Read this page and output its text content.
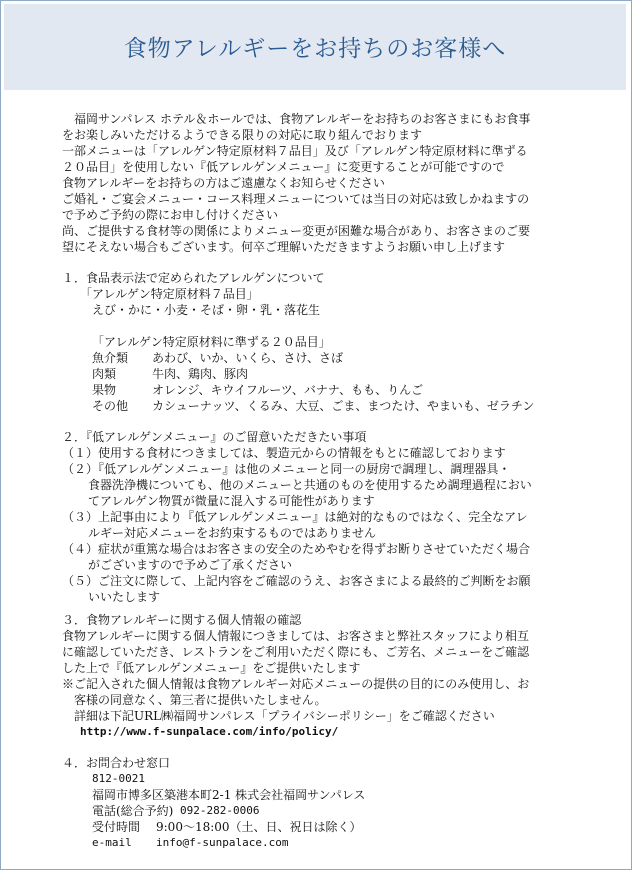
食物アレルギーをお持ちのお客様へ
　福岡サンパレス ホテル＆ホールでは、食物アレルギーをお持ちのお客さまにもお食事
をお楽しみいただけるようできる限りの対応に取り組んでおります
一部メニューは「アレルゲン特定原材料７品目」及び「アレルゲン特定原材料に準ずる
２０品目」を使用しない『低アレルゲンメニュー』に変更することが可能ですので
食物アレルギーをお持ちの方はご遠慮なくお知らせください
ご婚礼・ご宴会メニュー・コース料理メニューについては当日の対応は致しかねますの
で予めご予約の際にお申し付けください
尚、ご提供する食材等の関係によりメニュー変更が困難な場合があり、お客さまのご要
望にそえない場合もございます。何卒ご理解いただきますようお願い申し上げます
１．食品表示法で定められたアレルゲンについて
「アレルゲン特定原材料７品目」
えび・かに・小麦・そば・卵・乳・落花生
「アレルゲン特定原材料に準ずる２０品目」
魚介類 あわび、いか、いくら、さけ、さば
肉類	牛肉、鶏肉、豚肉
果物	オレンジ、キウイフルーツ、バナナ、もも、りんご
その他 カシューナッツ、くるみ、大豆、ごま、まつたけ、やまいも、ゼラチン
２．『低アレルゲンメニュー』のご留意いただきたい事項
（１）使用する食材につきましては、製造元からの情報をもとに確認しております
（２）『低アレルゲンメニュー』は他のメニューと同一の厨房で調理し、調理器具・
食器洗浄機についても、他のメニューと共通のものを使用するため調理過程におい
てアレルゲン物質が微量に混入する可能性があります
（３）上記事由により『低アレルゲンメニュー』は絶対的なものではなく、完全なアレ
ルギー対応メニューをお約束するものではありません
（４）症状が重篤な場合はお客さまの安全のためやむを得ずお断りさせていただく場合
がございますので予めご了承ください
（５）ご注文に際して、上記内容をご確認のうえ、お客さまによる最終的ご判断をお願
いいたします
３．食物アレルギーに関する個人情報の確認
食物アレルギーに関する個人情報につきましては、お客さまと弊社スタッフにより相互
に確認していただき、レストランをご利用いただく際にも、ご芳名、メニューをご確認
した上で『低アレルゲンメニュー』をご提供いたします
※ご記入された個人情報は食物アレルギー対応メニューの提供の目的にのみ使用し、お
客様の同意なく、第三者に提供いたしません。
詳細は下記URL㈱福岡サンパレス「プライバシーポリシー」をご確認ください
http://www.f-sunpalace.com/info/policy/
４．お問合わせ窓口
812-0021
福岡市博多区築港本町2-1 株式会社福岡サンパレス
電話(総合予約) 092-282-0006
受付時間 9:00～18:00（土、日、祝日は除く）
e-mail info@f-sunpalace.com
